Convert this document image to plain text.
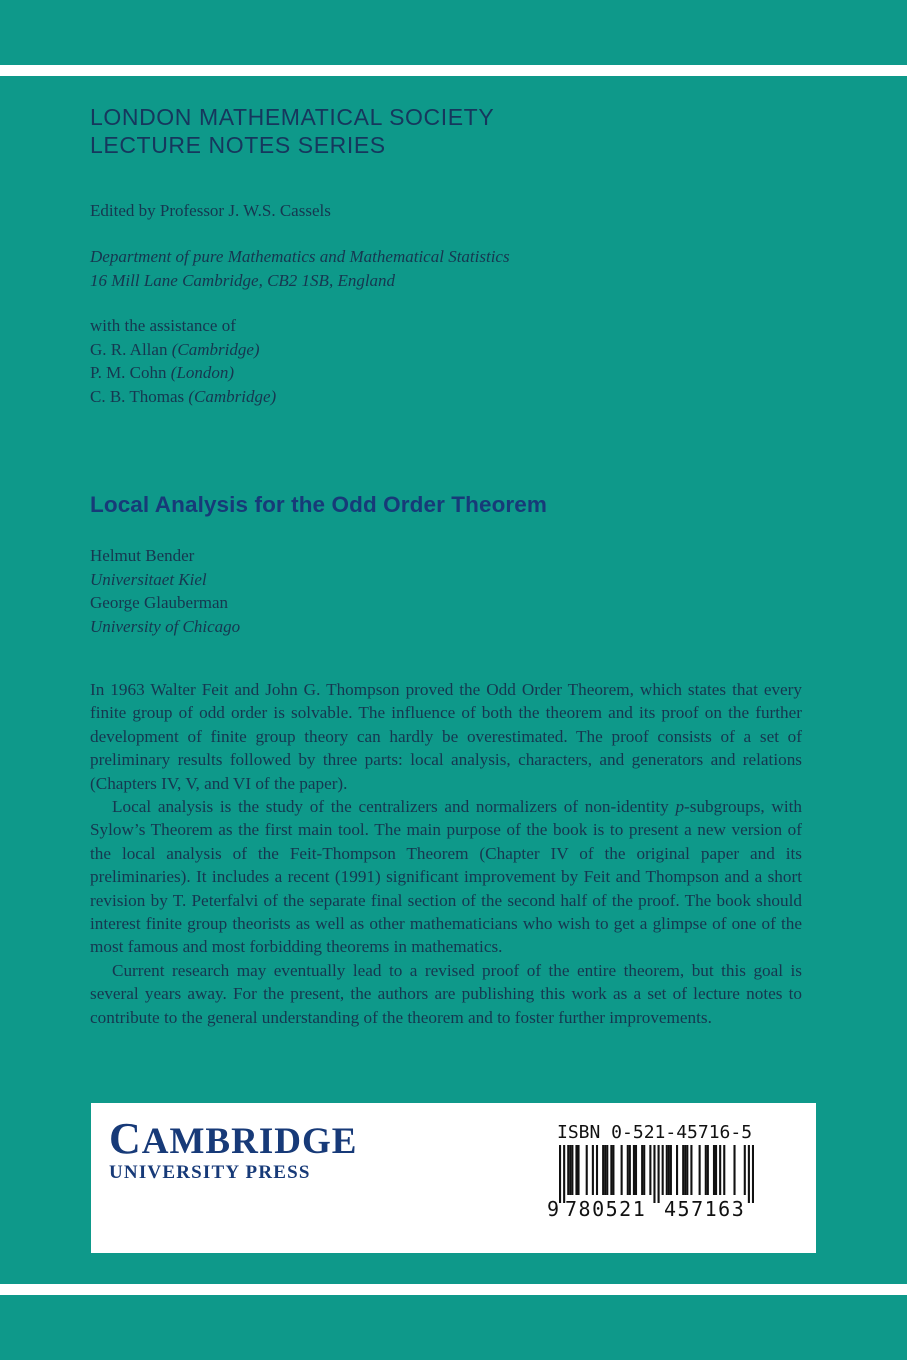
LONDON MATHEMATICAL SOCIETY
LECTURE NOTES SERIES
Edited by Professor J. W.S. Cassels
Department of pure Mathematics and Mathematical Statistics
16 Mill Lane Cambridge, CB2 1SB, England
with the assistance of
G. R. Allan (Cambridge)
P. M. Cohn (London)
C. B. Thomas (Cambridge)
Local Analysis for the Odd Order Theorem
Helmut Bender
Universitaet Kiel
George Glauberman
University of Chicago

In 1963 Walter Feit and John G. Thompson proved the Odd Order Theorem, which states that every finite group of odd order is solvable. The influence of both the theorem and its proof on the further development of finite group theory can hardly be overestimated. The proof consists of a set of preliminary results followed by three parts: local analysis, characters, and generators and relations (Chapters IV, V, and VI of the paper).

Local analysis is the study of the centralizers and normalizers of non-identity p-subgroups, with Sylow’s Theorem as the first main tool. The main purpose of the book is to present a new version of the local analysis of the Feit-Thompson Theorem (Chapter IV of the original paper and its preliminaries). It includes a recent (1991) significant improvement by Feit and Thompson and a short revision by T. Peterfalvi of the separate final section of the second half of the proof. The book should interest finite group theorists as well as other mathematicians who wish to get a glimpse of one of the most famous and most forbidding theorems in mathematics.

Current research may eventually lead to a revised proof of the entire theorem, but this goal is several years away. For the present, the authors are publishing this work as a set of lecture notes to contribute to the general understanding of the theorem and to foster further improvements.

CAMBRIDGE
UNIVERSITY PRESS
ISBN 0-521-45716-5
9 780521 457163
